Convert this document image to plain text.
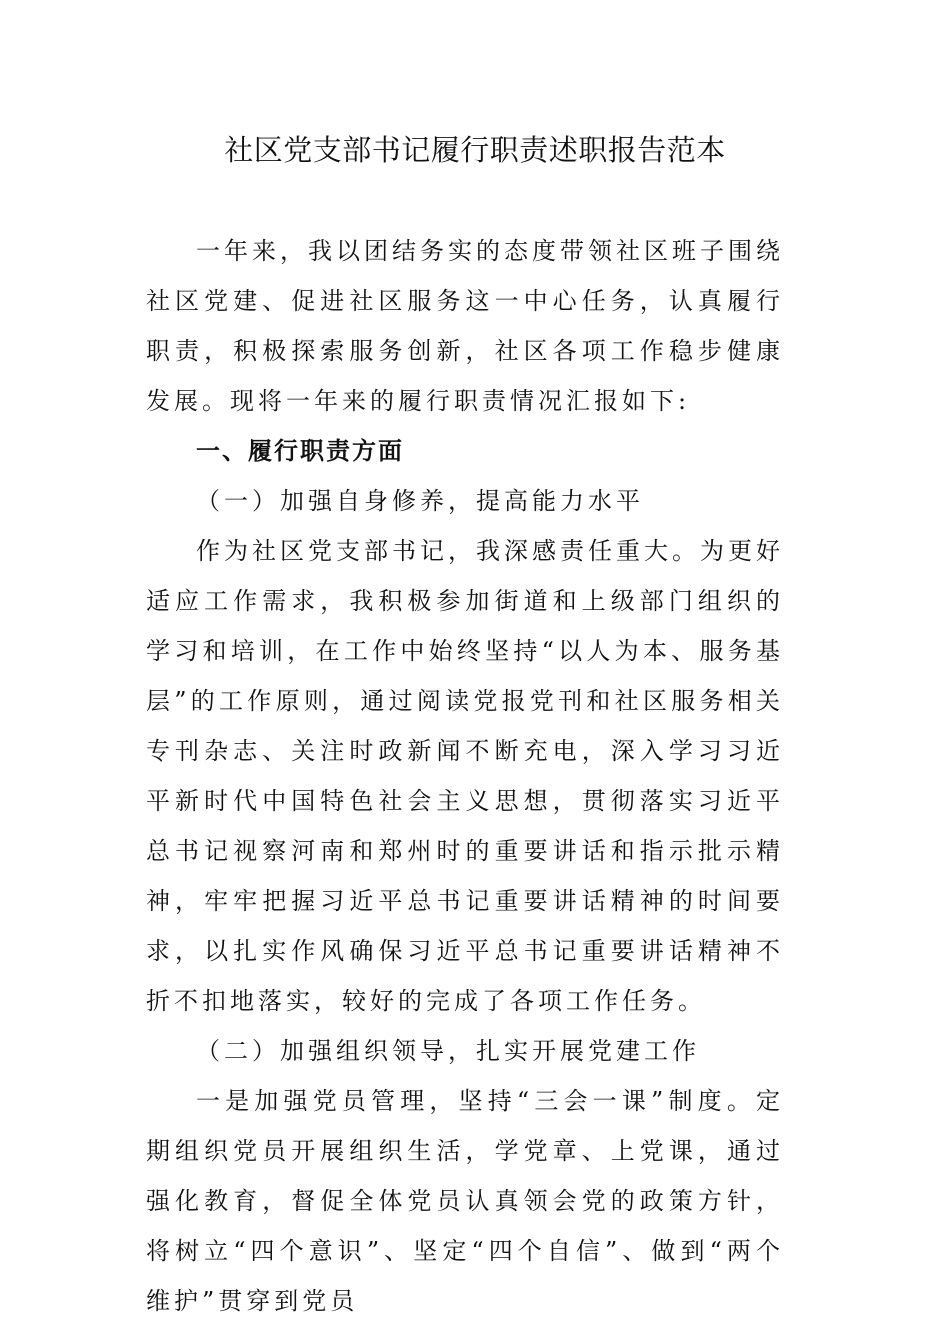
社区党支部书记履行职责述职报告范本

一年来，我以团结务实的态度带领社区班子围绕社区党建、促进社区服务这一中心任务，认真履行职责，积极探索服务创新，社区各项工作稳步健康发展。现将一年来的履行职责情况汇报如下:

一、履行职责方面

（一）加强自身修养，提高能力水平

作为社区党支部书记，我深感责任重大。为更好适应工作需求，我积极参加街道和上级部门组织的学习和培训，在工作中始终坚持“以人为本、服务基层”的工作原则，通过阅读党报党刊和社区服务相关专刊杂志、关注时政新闻不断充电，深入学习习近平新时代中国特色社会主义思想，贯彻落实习近平总书记视察河南和郑州时的重要讲话和指示批示精神，牢牢把握习近平总书记重要讲话精神的时间要求，以扎实作风确保习近平总书记重要讲话精神不折不扣地落实，较好的完成了各项工作任务。

（二）加强组织领导，扎实开展党建工作

一是加强党员管理，坚持“三会一课”制度。定期组织党员开展组织生活，学党章、上党课，通过强化教育，督促全体党员认真领会党的政策方针，将树立“四个意识”、坚定“四个自信”、做到“两个维护”贯穿到党员
